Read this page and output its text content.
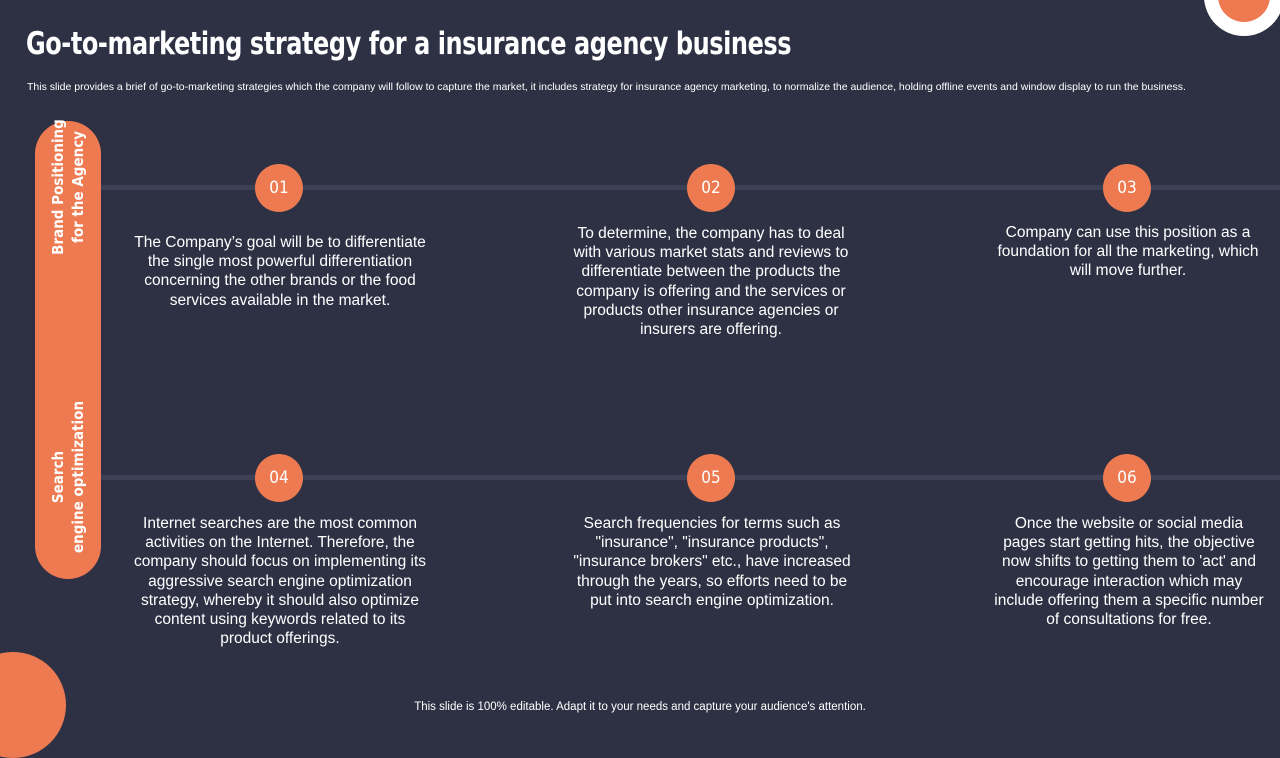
Go-to-marketing strategy for a insurance agency business
This slide provides a brief of go-to-marketing strategies which the company will follow to capture the market, it includes strategy for insurance agency marketing, to normalize the audience, holding offline events and window display to run the business.
Brand Positioning for the Agency
Search engine optimization
01	02	03
The Company’s goal will be to differentiate the single most powerful differentiation concerning the other brands or the food services available in the market.
To determine, the company has to deal with various market stats and reviews to differentiate between the products the company is offering and the services or products other insurance agencies or insurers are offering.
Company can use this position as a foundation for all the marketing, which will move further.
04	05	06
Internet searches are the most common activities on the Internet. Therefore, the company should focus on implementing its aggressive search engine optimization strategy, whereby it should also optimize content using keywords related to its product offerings.
Search frequencies for terms such as "insurance", "insurance products", "insurance brokers" etc., have increased through the years, so efforts need to be put into search engine optimization.
Once the website or social media pages start getting hits, the objective now shifts to getting them to 'act' and encourage interaction which may include offering them a specific number of consultations for free.
This slide is 100% editable. Adapt it to your needs and capture your audience's attention.
